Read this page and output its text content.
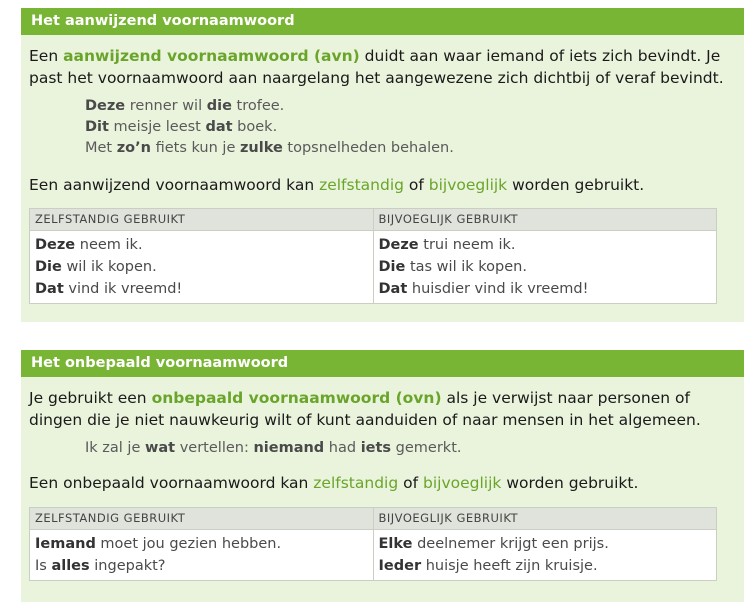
Het aanwijzend voornaamwoord
Een aanwijzend voornaamwoord (avn) duidt aan waar iemand of iets zich bevindt. Je past het voornaamwoord aan naargelang het aangewezene zich dichtbij of veraf bevindt.
Deze renner wil die trofee.
Dit meisje leest dat boek.
Met zo’n fiets kun je zulke topsnelheden behalen.
Een aanwijzend voornaamwoord kan zelfstandig of bijvoeglijk worden gebruikt.
ZELFSTANDIG GEBRUIKT	BIJVOEGLIJK GEBRUIKT
Deze neem ik.
Die wil ik kopen.
Dat vind ik vreemd!
Deze trui neem ik.
Die tas wil ik kopen.
Dat huisdier vind ik vreemd!
Het onbepaald voornaamwoord
Je gebruikt een onbepaald voornaamwoord (ovn) als je verwijst naar personen of dingen die je niet nauwkeurig wilt of kunt aanduiden of naar mensen in het algemeen.
Ik zal je wat vertellen: niemand had iets gemerkt.
Een onbepaald voornaamwoord kan zelfstandig of bijvoeglijk worden gebruikt.
ZELFSTANDIG GEBRUIKT	BIJVOEGLIJK GEBRUIKT
Iemand moet jou gezien hebben.
Is alles ingepakt?
Elke deelnemer krijgt een prijs.
Ieder huisje heeft zijn kruisje.
